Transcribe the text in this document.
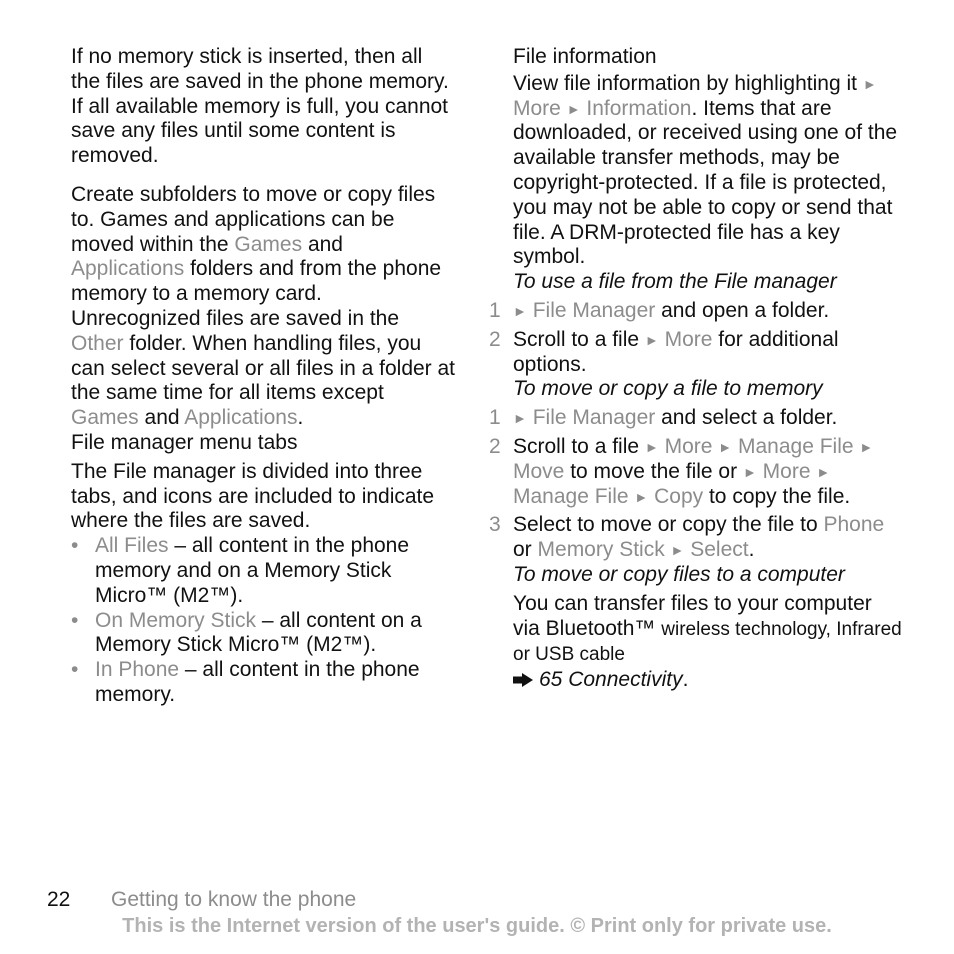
If no memory stick is inserted, then all the files are saved in the phone memory. If all available memory is full, you cannot save any files until some content is removed.

Create subfolders to move or copy files to. Games and applications can be moved within the Games and Applications folders and from the phone memory to a memory card. Unrecognized files are saved in the Other folder. When handling files, you can select several or all files in a folder at the same time for all items except Games and Applications.

File manager menu tabs

The File manager is divided into three tabs, and icons are included to indicate where the files are saved.

• All Files – all content in the phone memory and on a Memory Stick Micro™ (M2™).
• On Memory Stick – all content on a Memory Stick Micro™ (M2™).
• In Phone – all content in the phone memory.
File information

View file information by highlighting it ► More ► Information. Items that are downloaded, or received using one of the available transfer methods, may be copyright-protected. If a file is protected, you may not be able to copy or send that file. A DRM-protected file has a key symbol.

To use a file from the File manager
1 ► File Manager and open a folder.
2 Scroll to a file ► More for additional options.
To move or copy a file to memory
1 ► File Manager and select a folder.
2 Scroll to a file ► More ► Manage File ► Move to move the file or ► More ► Manage File ► Copy to copy the file.
3 Select to move or copy the file to Phone or Memory Stick ► Select.
To move or copy files to a computer

You can transfer files to your computer via Bluetooth™ wireless technology, Infrared or USB cable

65 Connectivity.

22 Getting to know the phone
This is the Internet version of the user's guide. © Print only for private use.
